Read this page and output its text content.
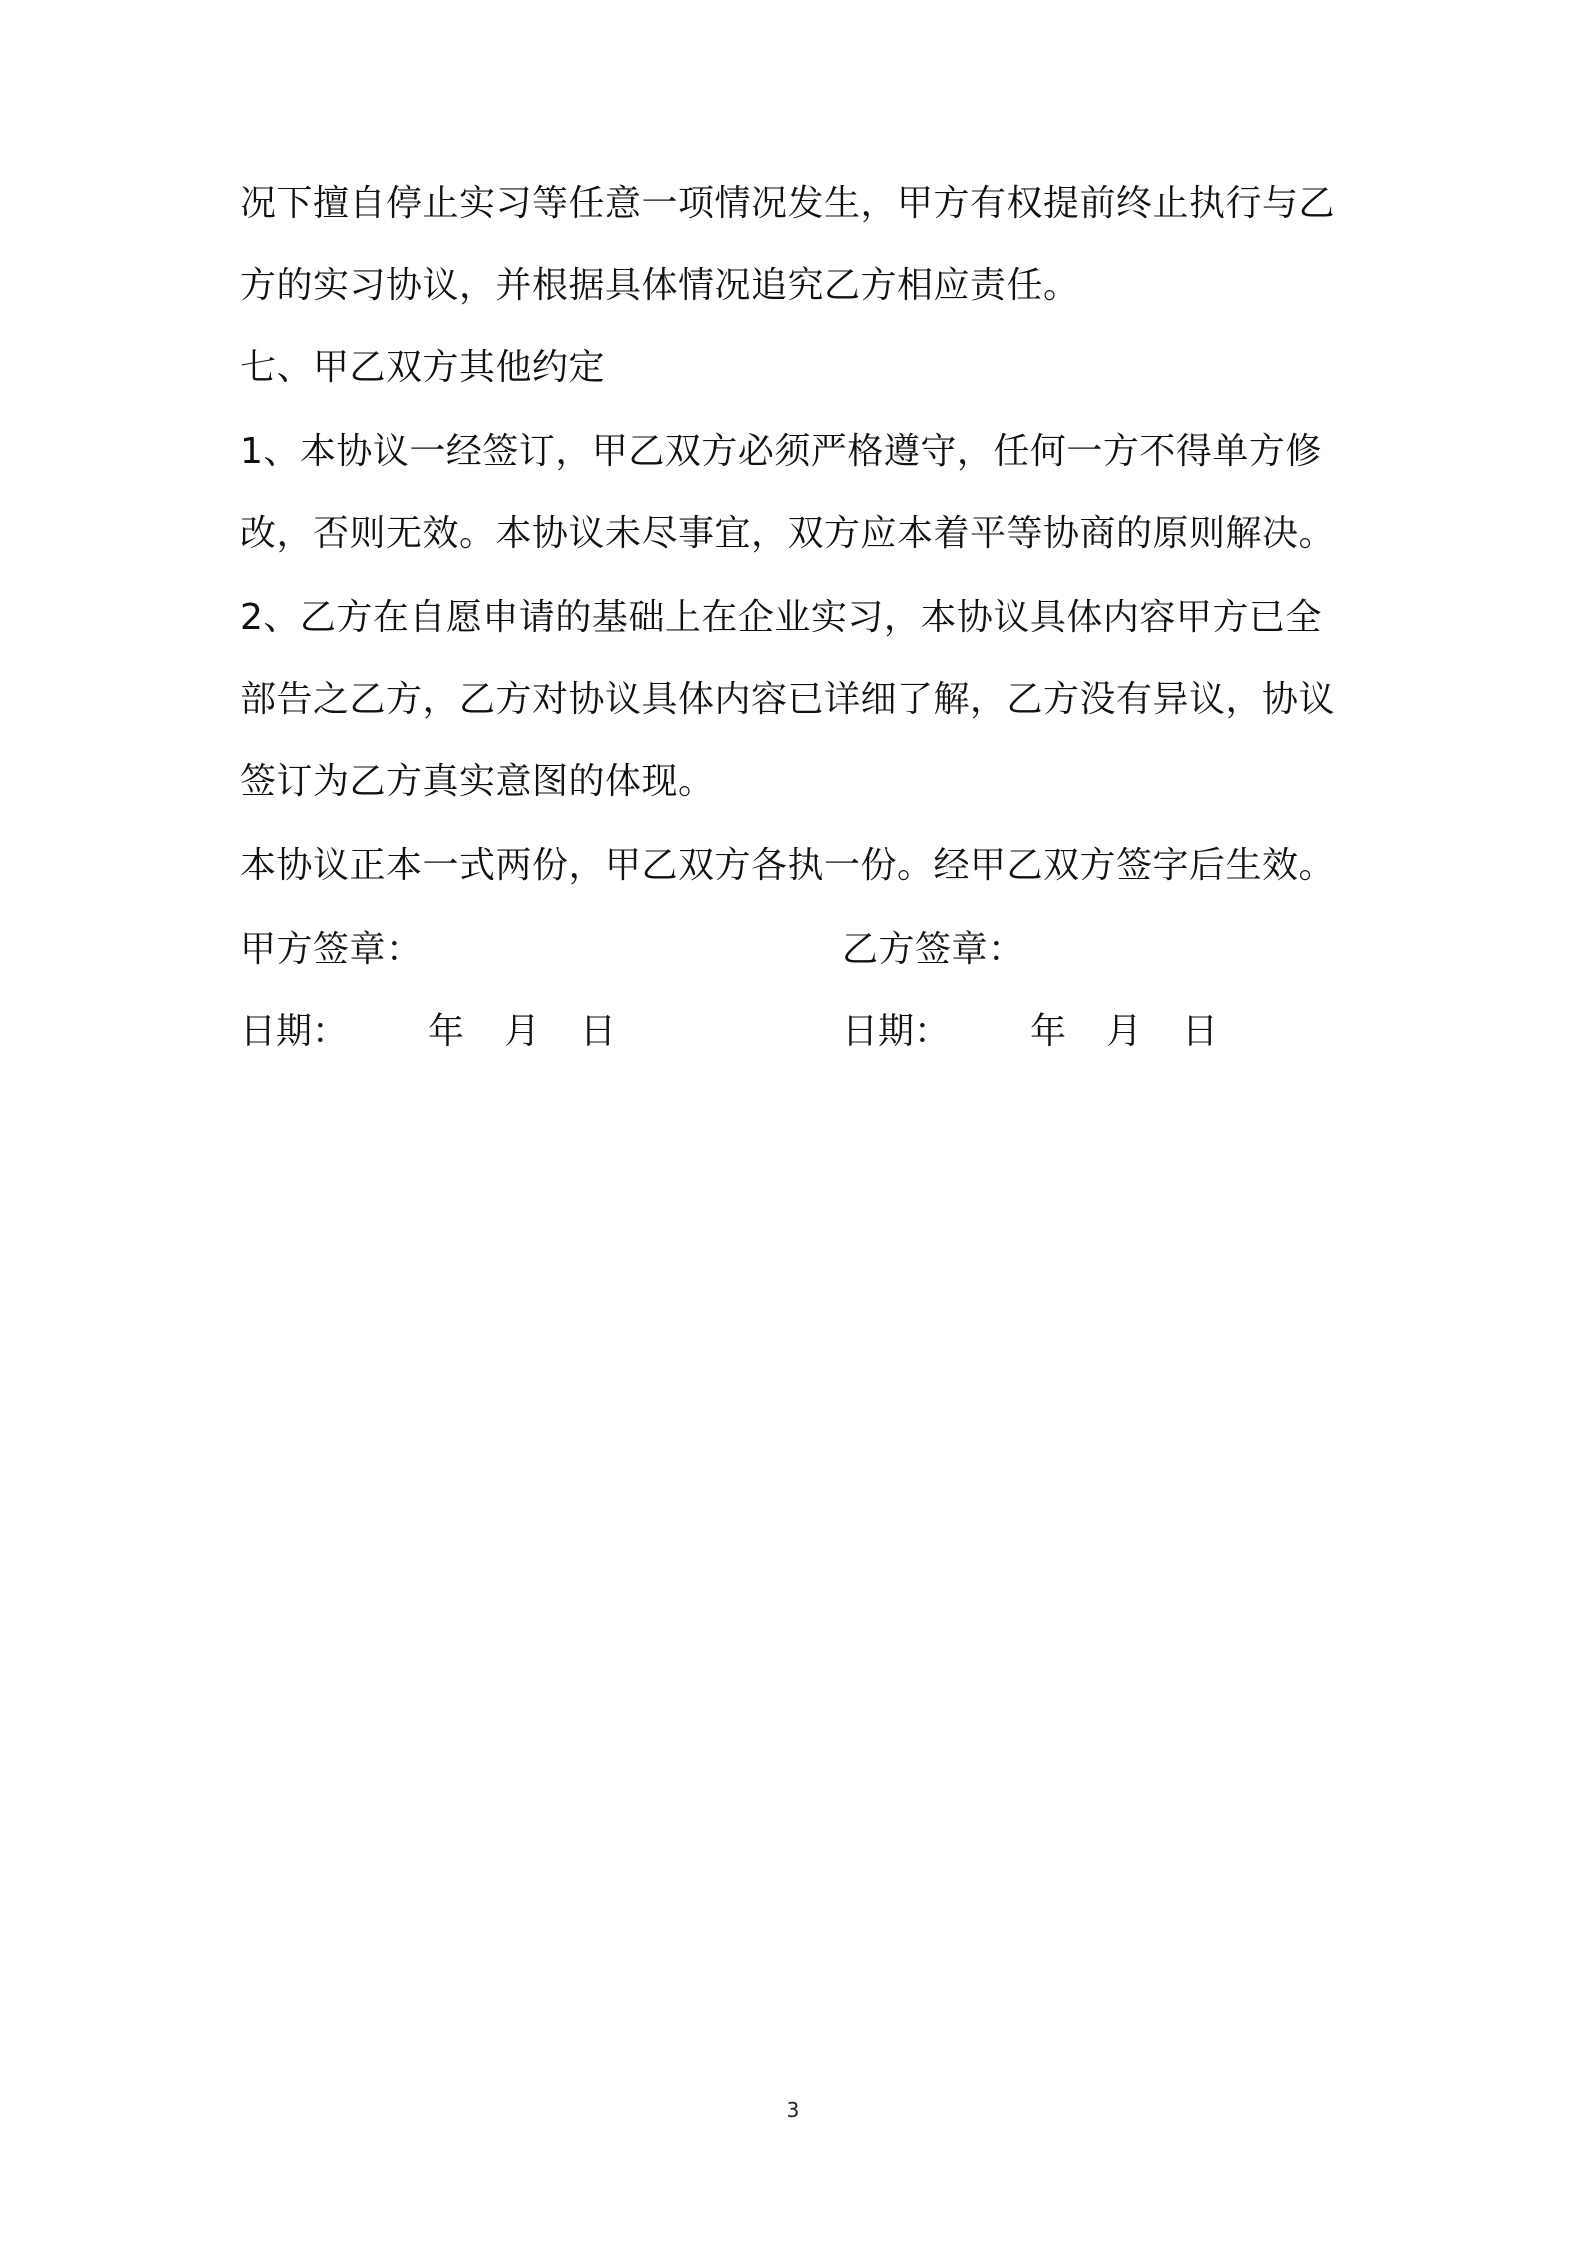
况下擅自停止实习等任意一项情况发生，甲方有权提前终止执行与乙
方的实习协议，并根据具体情况追究乙方相应责任。
七、甲乙双方其他约定
1、本协议一经签订，甲乙双方必须严格遵守，任何一方不得单方修
改，否则无效。本协议未尽事宜，双方应本着平等协商的原则解决。
2、乙方在自愿申请的基础上在企业实习，本协议具体内容甲方已全
部告之乙方，乙方对协议具体内容已详细了解，乙方没有异议，协议
签订为乙方真实意图的体现。
本协议正本一式两份，甲乙双方各执一份。经甲乙双方签字后生效。
甲方签章：	乙方签章：
日期： 年 月 日	日期： 年 月 日
3
